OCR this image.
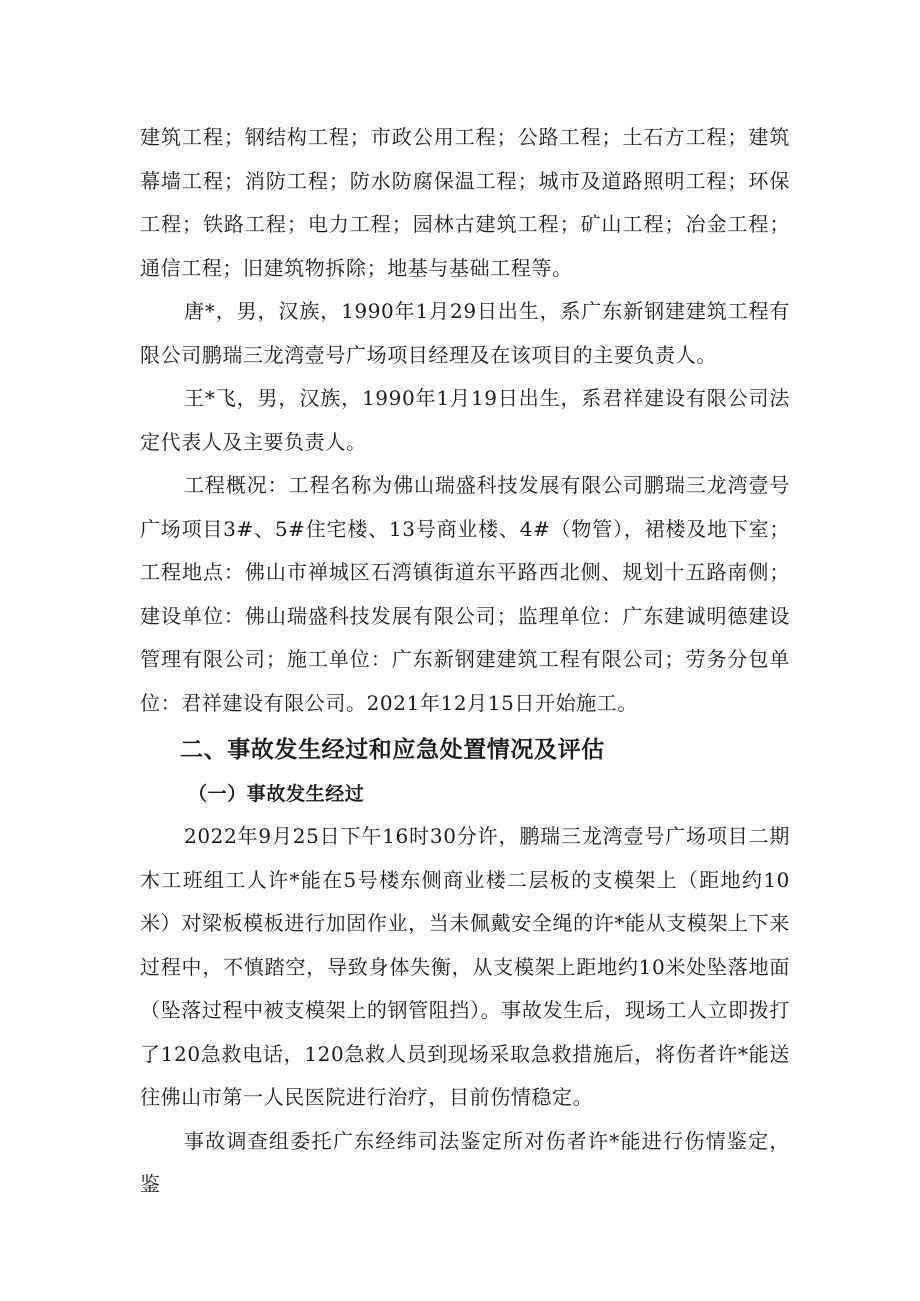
建筑工程；钢结构工程；市政公用工程；公路工程；土石方工程；建筑幕墙工程；消防工程；防水防腐保温工程；城市及道路照明工程；环保工程；铁路工程；电力工程；园林古建筑工程；矿山工程；冶金工程；通信工程；旧建筑物拆除；地基与基础工程等。

唐*，男，汉族，1990年1月29日出生，系广东新钢建建筑工程有限公司鹏瑞三龙湾壹号广场项目经理及在该项目的主要负责人。

王*飞，男，汉族，1990年1月19日出生，系君祥建设有限公司法定代表人及主要负责人。

工程概况：工程名称为佛山瑞盛科技发展有限公司鹏瑞三龙湾壹号广场项目3#、5#住宅楼、13号商业楼、4#（物管），裙楼及地下室；工程地点：佛山市禅城区石湾镇街道东平路西北侧、规划十五路南侧；建设单位：佛山瑞盛科技发展有限公司；监理单位：广东建诚明德建设管理有限公司；施工单位：广东新钢建建筑工程有限公司；劳务分包单位：君祥建设有限公司。2021年12月15日开始施工。

二、事故发生经过和应急处置情况及评估
（一）事故发生经过

2022年9月25日下午16时30分许，鹏瑞三龙湾壹号广场项目二期木工班组工人许*能在5号楼东侧商业楼二层板的支模架上（距地约10米）对梁板模板进行加固作业，当未佩戴安全绳的许*能从支模架上下来过程中，不慎踏空，导致身体失衡，从支模架上距地约10米处坠落地面（坠落过程中被支模架上的钢管阻挡）。事故发生后，现场工人立即拨打了120急救电话，120急救人员到现场采取急救措施后，将伤者许*能送往佛山市第一人民医院进行治疗，目前伤情稳定。

事故调查组委托广东经纬司法鉴定所对伤者许*能进行伤情鉴定，鉴
